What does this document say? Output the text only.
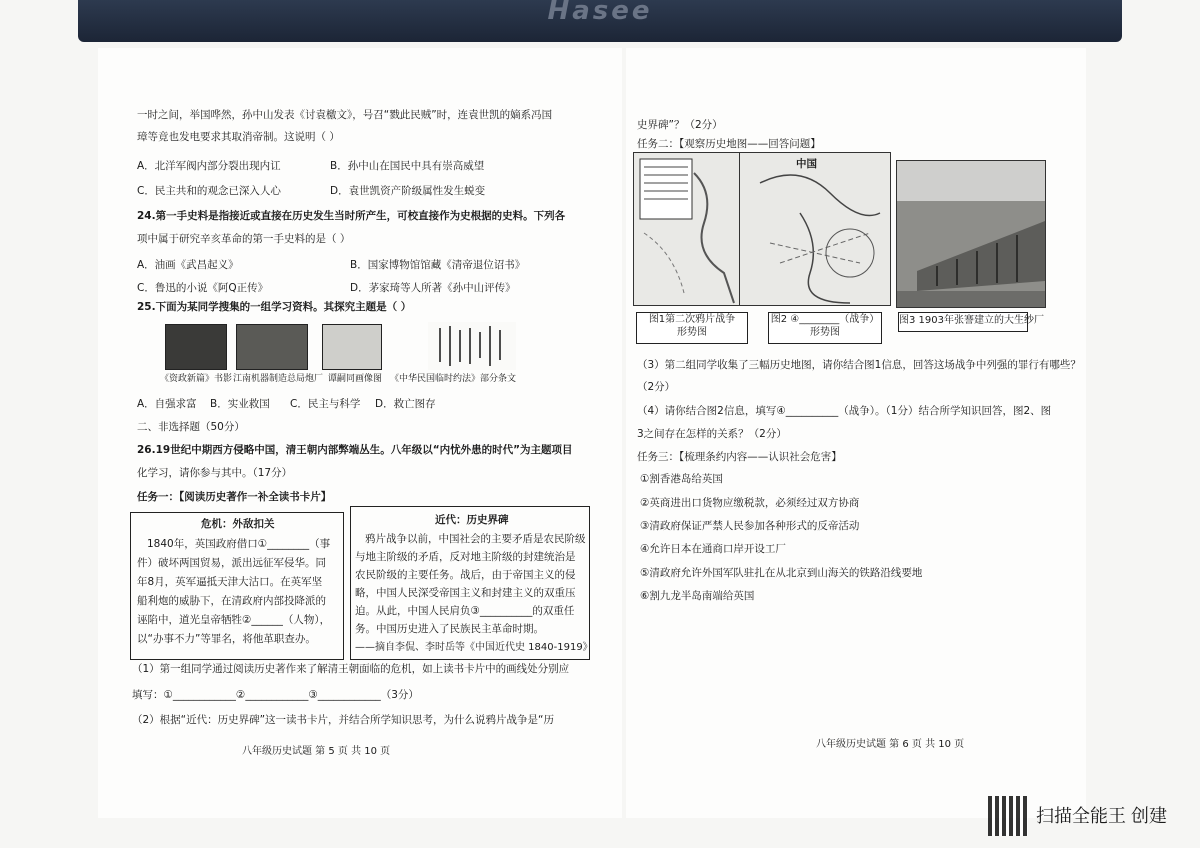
Hasee
一时之间，举国哗然，孙中山发表《讨袁檄文》，号召“戮此民贼”时，连袁世凯的嫡系冯国
璋等竟也发电要求其取消帝制。这说明（ ）
A．北洋军阀内部分裂出现内讧	B．孙中山在国民中具有崇高威望
C．民主共和的观念已深入人心	D．袁世凯资产阶级属性发生蜕变
24.第一手史料是指接近或直接在历史发生当时所产生，可校直接作为史根据的史料。下列各
项中属于研究辛亥革命的第一手史料的是（ ）
A．油画《武昌起义》	B．国家博物馆馆藏《清帝退位诏书》
C．鲁迅的小说《阿Q正传》	D．茅家琦等人所著《孙中山评传》
25.下面为某同学搜集的一组学习资料。其探究主题是（ ）
《资政新篇》书影 江南机器制造总局炮厂 谭嗣同画像图 《中华民国临时约法》部分条文
A．自强求富 B．实业救国 C．民主与科学 D．救亡图存
二、非选择题（50分）
26.19世纪中期西方侵略中国，清王朝内部弊端丛生。八年级以“内忧外患的时代”为主题项目
化学习，请你参与其中。（17分）
任务一：【阅读历史著作一补全读书卡片】
危机：外敌扣关
1840年，英国政府借口①________（事
件）破坏两国贸易，派出远征军侵华。同
年8月，英军逼抵天津大沽口。在英军坚
船利炮的威胁下，在清政府内部投降派的
诬陷中，道光皇帝牺牲②______（人物），
以“办事不力”等罪名，将他革职查办。
近代：历史界碑
鸦片战争以前，中国社会的主要矛盾是农民阶级
与地主阶级的矛盾，反对地主阶级的封建统治是
农民阶级的主要任务。战后，由于帝国主义的侵
略，中国人民深受帝国主义和封建主义的双重压
迫。从此，中国人民肩负③__________的双重任
务。中国历史进入了民族民主革命时期。
——摘自李侃、李时岳等《中国近代史 1840-1919》
（1）第一组同学通过阅读历史著作来了解清王朝面临的危机，如上读书卡片中的画线处分别应
填写：①____________②____________③____________（3分）
（2）根据“近代：历史界碑”这一读书卡片，并结合所学知识思考，为什么说鸦片战争是“历
八年级历史试题 第 5 页 共 10 页
史界碑”？（2分）
任务二：【观察历史地图——回答问题】
中国
图1第二次鸦片战争
形势图
图2 ④________（战争）
形势图
图3 1903年张謇建立的大生纱厂
（3）第二组同学收集了三幅历史地图，请你结合图1信息，回答这场战争中列强的罪行有哪些？
（2分）
（4）请你结合图2信息，填写④__________（战争）。（1分）结合所学知识回答，图2、图
3之间存在怎样的关系？（2分）
任务三：【梳理条约内容——认识社会危害】
①割香港岛给英国
②英商进出口货物应缴税款，必须经过双方协商
③清政府保证严禁人民参加各种形式的反帝活动
④允许日本在通商口岸开设工厂
⑤清政府允许外国军队驻扎在从北京到山海关的铁路沿线要地
⑥割九龙半岛南端给英国
八年级历史试题 第 6 页 共 10 页
扫描全能王 创建
